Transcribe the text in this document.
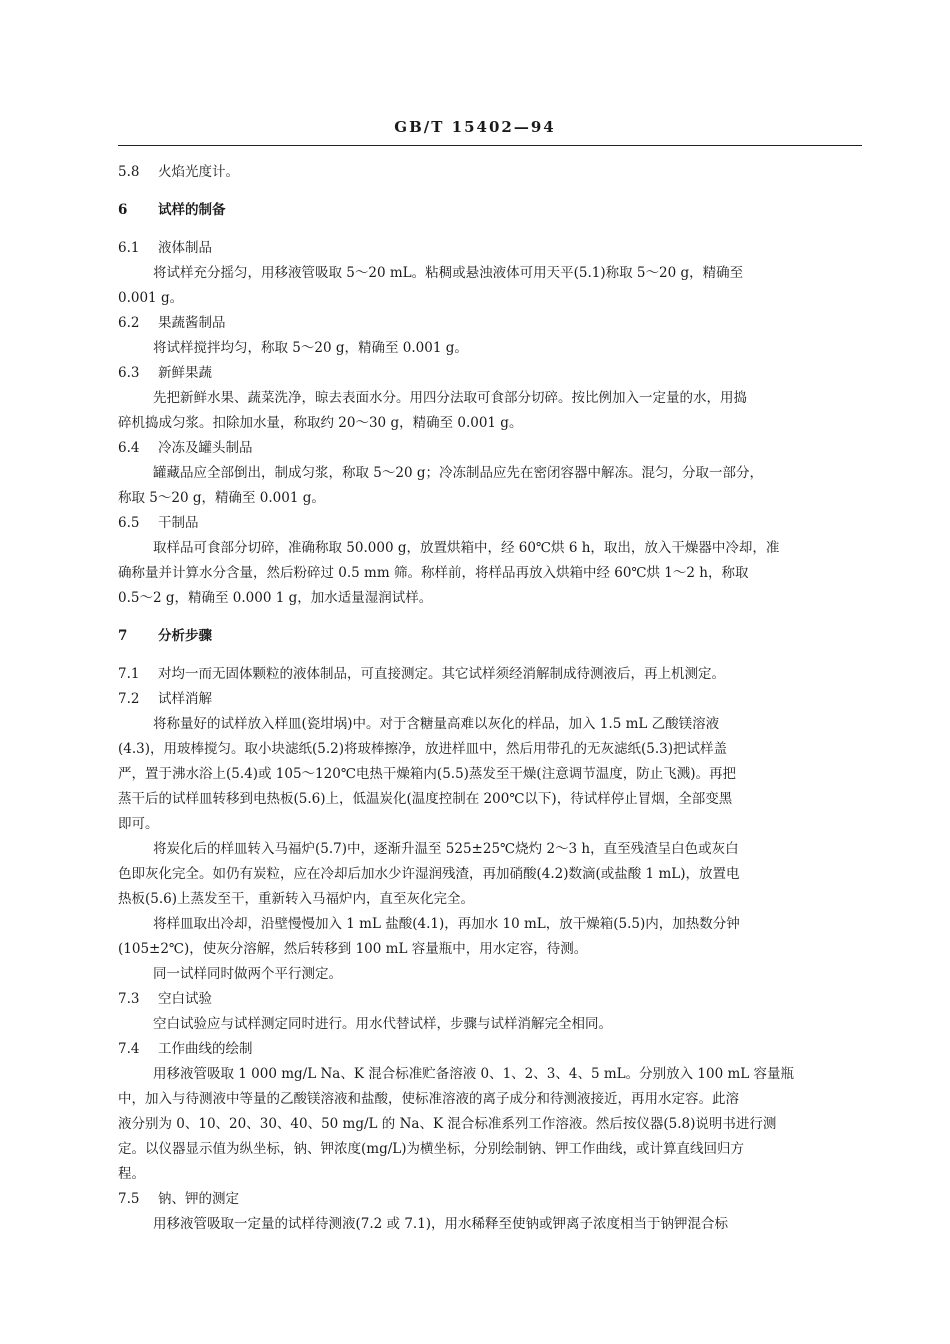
GB/T 15402—94
5.8 火焰光度计。
6 试样的制备
6.1 液体制品
将试样充分摇匀，用移液管吸取 5～20 mL。粘稠或悬浊液体可用天平(5.1)称取 5～20 g，精确至
0.001 g。
6.2 果蔬酱制品
将试样搅拌均匀，称取 5～20 g，精确至 0.001 g。
6.3 新鲜果蔬
先把新鲜水果、蔬菜洗净，晾去表面水分。用四分法取可食部分切碎。按比例加入一定量的水，用捣
碎机捣成匀浆。扣除加水量，称取约 20～30 g，精确至 0.001 g。
6.4 冷冻及罐头制品
罐藏品应全部倒出，制成匀浆，称取 5～20 g；冷冻制品应先在密闭容器中解冻。混匀，分取一部分，
称取 5～20 g，精确至 0.001 g。
6.5 干制品
取样品可食部分切碎，准确称取 50.000 g，放置烘箱中，经 60℃烘 6 h，取出，放入干燥器中冷却，准
确称量并计算水分含量，然后粉碎过 0.5 mm 筛。称样前，将样品再放入烘箱中经 60℃烘 1～2 h，称取
0.5～2 g，精确至 0.000 1 g，加水适量湿润试样。
7 分析步骤
7.1 对均一而无固体颗粒的液体制品，可直接测定。其它试样须经消解制成待测液后，再上机测定。
7.2 试样消解
将称量好的试样放入样皿(瓷坩埚)中。对于含糖量高难以灰化的样品，加入 1.5 mL 乙酸镁溶液
(4.3)，用玻棒搅匀。取小块滤纸(5.2)将玻棒擦净，放进样皿中，然后用带孔的无灰滤纸(5.3)把试样盖
严，置于沸水浴上(5.4)或 105～120℃电热干燥箱内(5.5)蒸发至干燥(注意调节温度，防止飞溅)。再把
蒸干后的试样皿转移到电热板(5.6)上，低温炭化(温度控制在 200℃以下)，待试样停止冒烟，全部变黑
即可。
将炭化后的样皿转入马福炉(5.7)中，逐渐升温至 525±25℃烧灼 2～3 h，直至残渣呈白色或灰白
色即灰化完全。如仍有炭粒，应在冷却后加水少许湿润残渣，再加硝酸(4.2)数滴(或盐酸 1 mL)，放置电
热板(5.6)上蒸发至干，重新转入马福炉内，直至灰化完全。
将样皿取出冷却，沿壁慢慢加入 1 mL 盐酸(4.1)，再加水 10 mL，放干燥箱(5.5)内，加热数分钟
(105±2℃)，使灰分溶解，然后转移到 100 mL 容量瓶中，用水定容，待测。
同一试样同时做两个平行测定。
7.3 空白试验
空白试验应与试样测定同时进行。用水代替试样，步骤与试样消解完全相同。
7.4 工作曲线的绘制
用移液管吸取 1 000 mg/L Na、K 混合标准贮备溶液 0、1、2、3、4、5 mL。分别放入 100 mL 容量瓶
中，加入与待测液中等量的乙酸镁溶液和盐酸，使标准溶液的离子成分和待测液接近，再用水定容。此溶
液分别为 0、10、20、30、40、50 mg/L 的 Na、K 混合标准系列工作溶液。然后按仪器(5.8)说明书进行测
定。以仪器显示值为纵坐标，钠、钾浓度(mg/L)为横坐标，分别绘制钠、钾工作曲线，或计算直线回归方
程。
7.5 钠、钾的测定
用移液管吸取一定量的试样待测液(7.2 或 7.1)，用水稀释至使钠或钾离子浓度相当于钠钾混合标
